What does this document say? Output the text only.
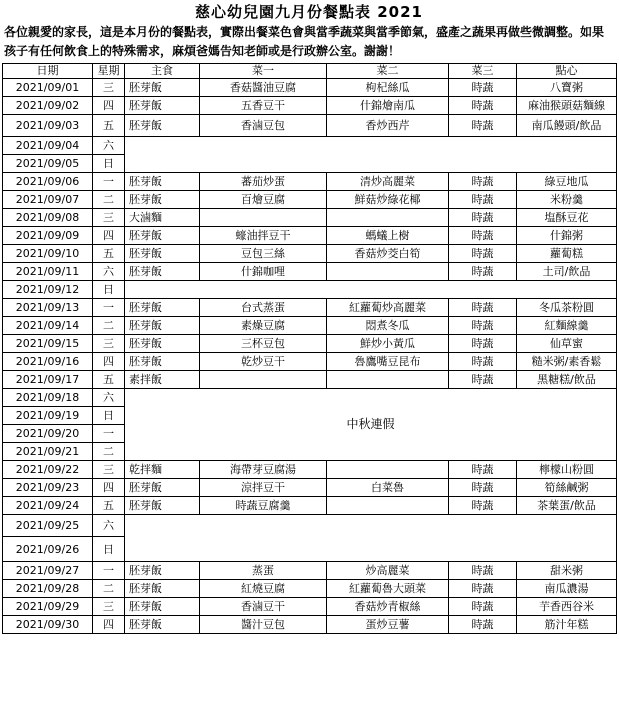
慈心幼兒園九月份餐點表 2021
各位親愛的家長，這是本月份的餐點表，實際出餐菜色會與當季蔬菜與當季節氣，盛產之蔬果再做些微調整。如果孩子有任何飲食上的特殊需求，麻煩爸媽告知老師或是行政辦公室。謝謝！
日期	星期	主食	菜一	菜二	菜三	點心
2021/09/01	三	胚芽飯	香菇醬油豆腐	枸杞絲瓜	時蔬	八寶粥
2021/09/02	四	胚芽飯	五香豆干	什錦燴南瓜	時蔬	麻油猴頭菇麵線
2021/09/03	五	胚芽飯	香滷豆包	香炒西芹	時蔬	南瓜饅頭/飲品
2021/09/04	六					
2021/09/05	日					
2021/09/06	一	胚芽飯	蕃茄炒蛋	清炒高麗菜	時蔬	綠豆地瓜
2021/09/07	二	胚芽飯	百燴豆腐	鮮菇炒綠花椰	時蔬	米粉羹
2021/09/08	三	大滷麵			時蔬	塩酥豆花
2021/09/09	四	胚芽飯	蠔油拌豆干	螞蟻上樹	時蔬	什錦粥
2021/09/10	五	胚芽飯	豆包三絲	香菇炒茭白筍	時蔬	蘿蔔糕
2021/09/11	六	胚芽飯	什錦咖哩		時蔬	土司/飲品
2021/09/12	日					
2021/09/13	一	胚芽飯	台式蒸蛋	紅蘿蔔炒高麗菜	時蔬	冬瓜茶粉圓
2021/09/14	二	胚芽飯	素燥豆腐	悶煮冬瓜	時蔬	紅麵線羹
2021/09/15	三	胚芽飯	三杯豆包	鮮炒小黃瓜	時蔬	仙草蜜
2021/09/16	四	胚芽飯	乾炒豆干	魯鷹嘴豆昆布	時蔬	糙米粥/素香鬆
2021/09/17	五	素拌飯			時蔬	黑糖糕/飲品
2021/09/18	六	中秋連假				
2021/09/19	日					
2021/09/20	一					
2021/09/21	二					
2021/09/22	三	乾拌麵	海帶芽豆腐湯		時蔬	檸檬山粉圓
2021/09/23	四	胚芽飯	涼拌豆干	白菜魯	時蔬	筍絲鹹粥
2021/09/24	五	胚芽飯	時蔬豆腐羹		時蔬	茶葉蛋/飲品
2021/09/25	六					
2021/09/26	日					
2021/09/27	一	胚芽飯	蒸蛋	炒高麗菜	時蔬	甜米粥
2021/09/28	二	胚芽飯	紅燒豆腐	紅蘿蔔魯大頭菜	時蔬	南瓜濃湯
2021/09/29	三	胚芽飯	香滷豆干	香菇炒青椒絲	時蔬	芋香西谷米
2021/09/30	四	胚芽飯	醬汁豆包	蛋炒豆薯	時蔬	筋汁年糕
